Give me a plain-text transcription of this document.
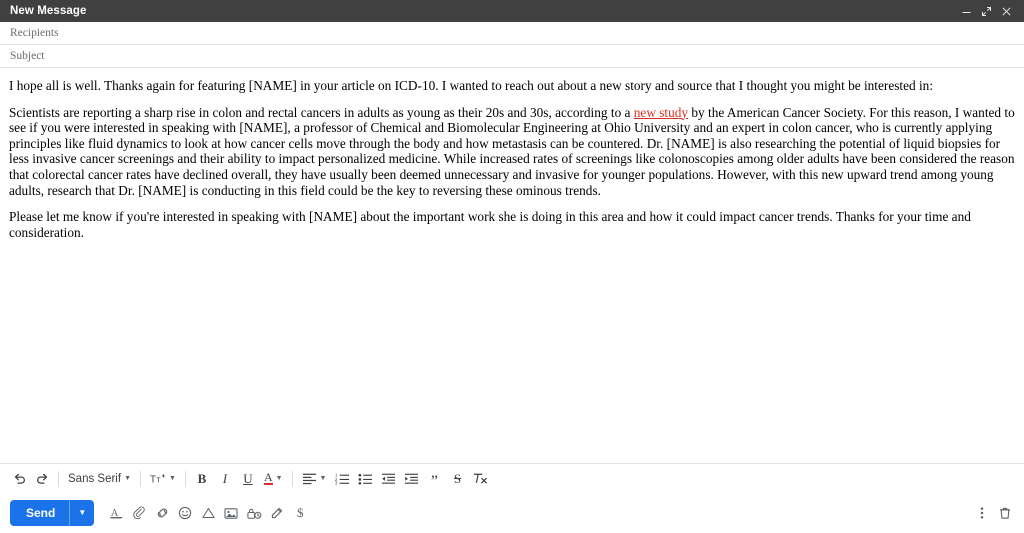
New Message
Recipients
Subject

I hope all is well. Thanks again for featuring [NAME] in your article on ICD-10. I wanted to reach out about a new story and source that I thought you might be interested in:

Scientists are reporting a sharp rise in colon and rectal cancers in adults as young as their 20s and 30s, according to a new study by the American Cancer Society. For this reason, I wanted to see if you were interested in speaking with [NAME], a professor of Chemical and Biomolecular Engineering at Ohio University and an expert in colon cancer, who is currently applying principles like fluid dynamics to look at how cancer cells move through the body and how metastasis can be countered. Dr. [NAME] is also researching the potential of liquid biopsies for less invasive cancer screenings and their ability to impact personalized medicine. While increased rates of screenings like colonoscopies among older adults have been considered the reason that colorectal cancer rates have declined overall, they have usually been deemed unnecessary and invasive for younger populations. However, with this new upward trend among young adults, research that Dr. [NAME] is conducting in this field could be the key to reversing these ominous trends.

Please let me know if you're interested in speaking with [NAME] about the important work she is doing in this area and how it could impact cancer trends. Thanks for your time and consideration.

Sans Serif ▼ T T ▼	B	I	U A ▼	▼ 1
2
3	”	S
Send	▼	A	$
